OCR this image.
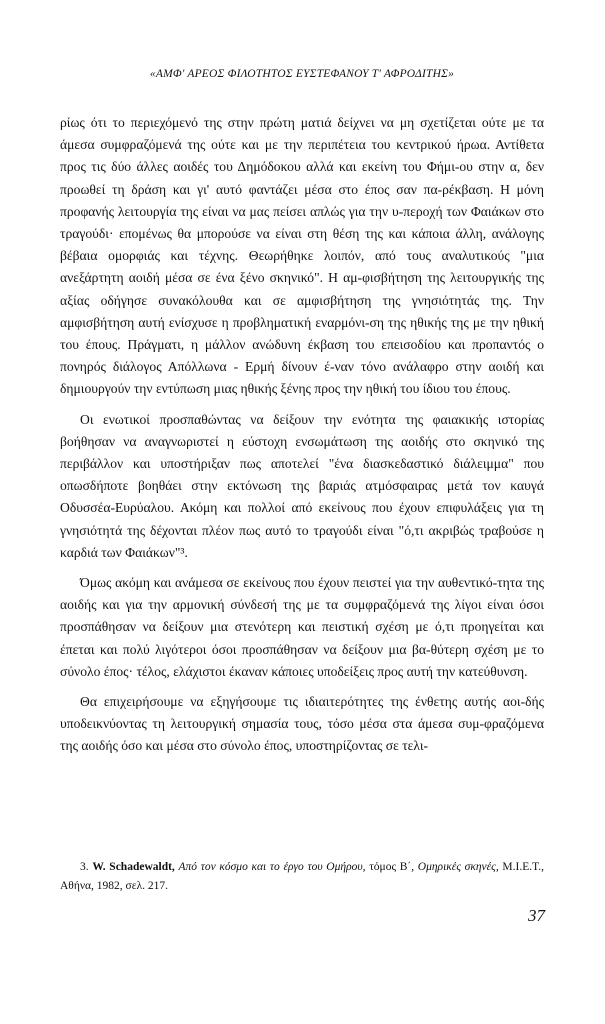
«ΑΜΦ' ΑΡΕΟΣ ΦΙΛΟΤΗΤΟΣ ΕΥΣΤΕΦΑΝΟΥ Τ' ΑΦΡΟΔΙΤΗΣ»

ρίως ότι το περιεχόμενό της στην πρώτη ματιά δείχνει να μη σχετίζεται ούτε με τα άμεσα συμφραζόμενά της ούτε και με την περιπέτεια του κεντρικού ήρωα. Αντίθετα προς τις δύο άλλες αοιδές του Δημόδοκου αλλά και εκείνη του Φήμι-ου στην α, δεν προωθεί τη δράση και γι' αυτό φαντάζει μέσα στο έπος σαν πα-ρέκβαση. Η μόνη προφανής λειτουργία της είναι να μας πείσει απλώς για την υ-περοχή των Φαιάκων στο τραγούδι· επομένως θα μπορούσε να είναι στη θέση της και κάποια άλλη, ανάλογης βέβαια ομορφιάς και τέχνης. Θεωρήθηκε λοιπόν, από τους αναλυτικούς "μια ανεξάρτητη αοιδή μέσα σε ένα ξένο σκηνικό". Η αμ-φισβήτηση της λειτουργικής της αξίας οδήγησε συνακόλουθα και σε αμφισβήτηση της γνησιότητάς της. Την αμφισβήτηση αυτή ενίσχυσε η προβληματική εναρμόνι-ση της ηθικής της με την ηθική του έπους. Πράγματι, η μάλλον ανώδυνη έκβαση του επεισοδίου και προπαντός ο πονηρός διάλογος Απόλλωνα - Ερμή δίνουν έ-ναν τόνο ανάλαφρο στην αοιδή και δημιουργούν την εντύπωση μιας ηθικής ξένης προς την ηθική του ίδιου του έπους.

Οι ενωτικοί προσπαθώντας να δείξουν την ενότητα της φαιακικής ιστορίας βοήθησαν να αναγνωριστεί η εύστοχη ενσωμάτωση της αοιδής στο σκηνικό της περιβάλλον και υποστήριξαν πως αποτελεί "ένα διασκεδαστικό διάλειμμα" που οπωσδήποτε βοηθάει στην εκτόνωση της βαριάς ατμόσφαιρας μετά τον καυγά Οδυσσέα-Ευρύαλου. Ακόμη και πολλοί από εκείνους που έχουν επιφυλάξεις για τη γνησιότητά της δέχονται πλέον πως αυτό το τραγούδι είναι "ό,τι ακριβώς τραβούσε η καρδιά των Φαιάκων"³.

Όμως ακόμη και ανάμεσα σε εκείνους που έχουν πειστεί για την αυθεντικό-τητα της αοιδής και για την αρμονική σύνδεσή της με τα συμφραζόμενά της λίγοι είναι όσοι προσπάθησαν να δείξουν μια στενότερη και πειστική σχέση με ό,τι προηγείται και έπεται και πολύ λιγότεροι όσοι προσπάθησαν να δείξουν μια βα-θύτερη σχέση με το σύνολο έπος· τέλος, ελάχιστοι έκαναν κάποιες υποδείξεις προς αυτή την κατεύθυνση.

Θα επιχειρήσουμε να εξηγήσουμε τις ιδιαιτερότητες της ένθετης αυτής αοι-δής υποδεικνύοντας τη λειτουργική σημασία τους, τόσο μέσα στα άμεσα συμ-φραζόμενα της αοιδής όσο και μέσα στο σύνολο έπος, υποστηρίζοντας σε τελι-

3. W. Schadewaldt, Από τον κόσμο και το έργο του Ομήρου, τόμος Β΄, Ομηρικές σκηνές, Μ.Ι.Ε.Τ., Αθήνα, 1982, σελ. 217.
37
